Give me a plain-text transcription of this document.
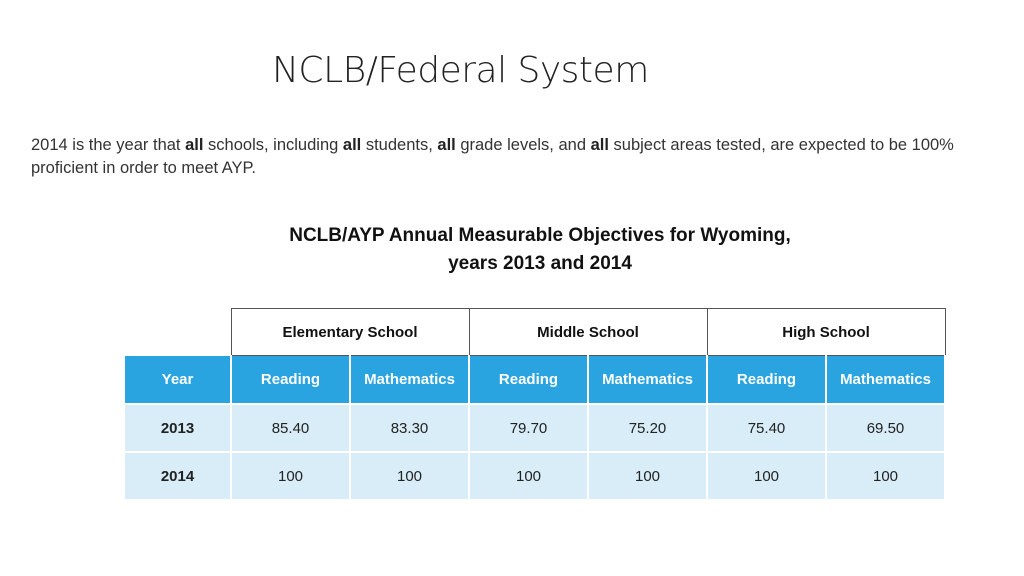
NCLB/Federal System
2014 is the year that all schools, including all students, all grade levels, and all subject areas tested, are expected to be 100% proficient in order to meet AYP.
NCLB/AYP Annual Measurable Objectives for Wyoming,
years 2013 and 2014
	Elementary School		Middle School		High School	
Year	Reading	Mathematics	Reading	Mathematics	Reading	Mathematics
2013	85.40	83.30	79.70	75.20	75.40	69.50
2014	100	100	100	100	100	100
